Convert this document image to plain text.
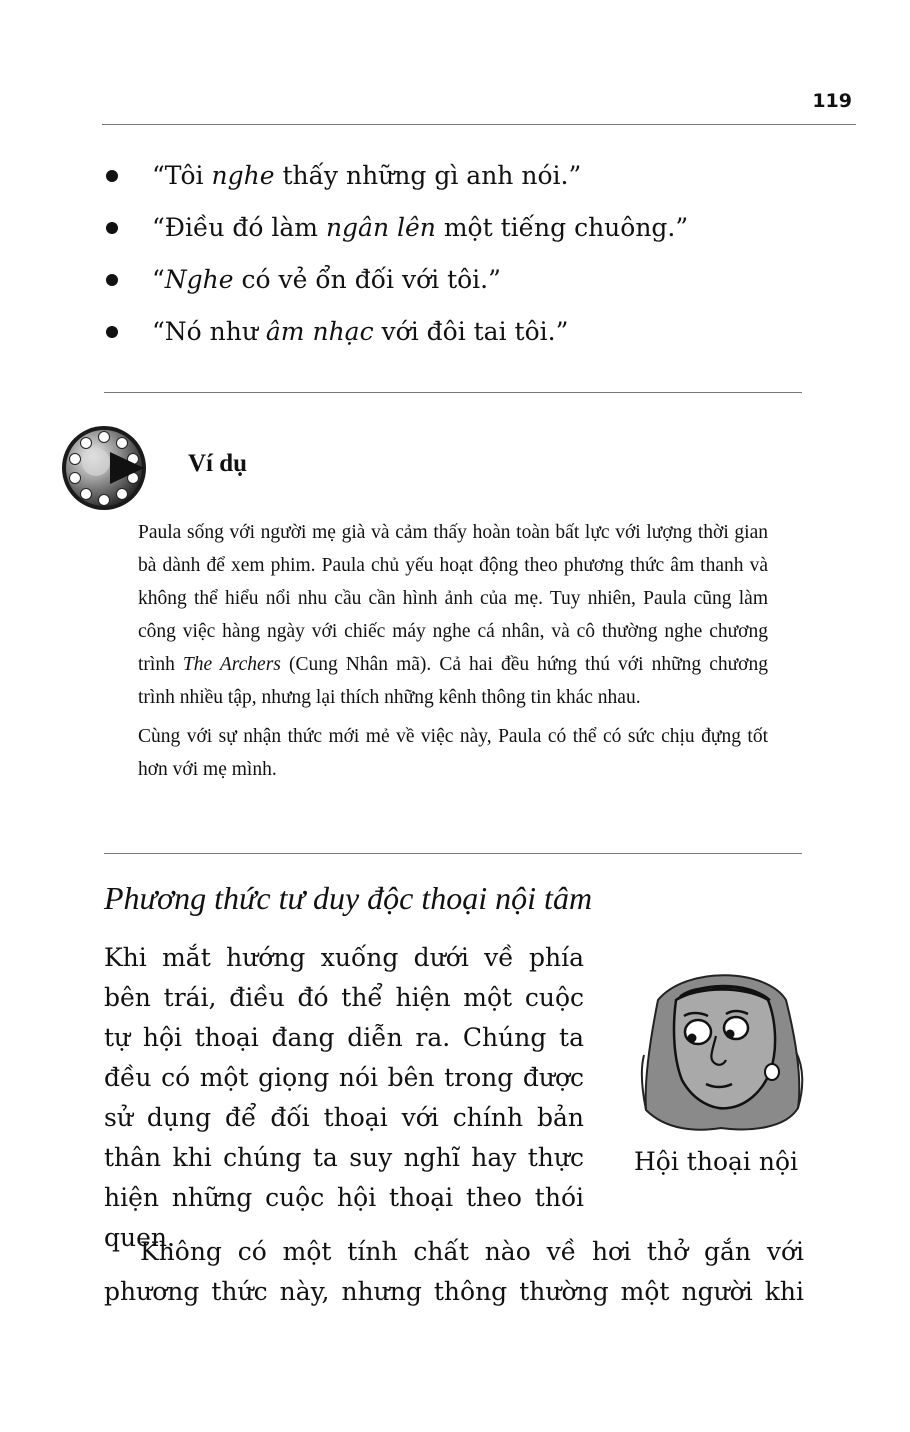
119
“Tôi nghe thấy những gì anh nói.”
“Điều đó làm ngân lên một tiếng chuông.”
“Nghe có vẻ ổn đối với tôi.”
“Nó như âm nhạc với đôi tai tôi.”
Ví dụ

Paula sống với người mẹ già và cảm thấy hoàn toàn bất lực với lượng thời gian bà dành để xem phim. Paula chủ yếu hoạt động theo phương thức âm thanh và không thể hiểu nổi nhu cầu cần hình ảnh của mẹ. Tuy nhiên, Paula cũng làm công việc hàng ngày với chiếc máy nghe cá nhân, và cô thường nghe chương trình The Archers (Cung Nhân mã). Cả hai đều hứng thú với những chương trình nhiều tập, nhưng lại thích những kênh thông tin khác nhau.

Cùng với sự nhận thức mới mẻ về việc này, Paula có thể có sức chịu đựng tốt hơn với mẹ mình.

Phương thức tư duy độc thoại nội tâm

Khi mắt hướng xuống dưới về phía bên trái, điều đó thể hiện một cuộc tự hội thoại đang diễn ra. Chúng ta đều có một giọng nói bên trong được sử dụng để đối thoại với chính bản thân khi chúng ta suy nghĩ hay thực hiện những cuộc hội thoại theo thói quen.

Hội thoại nội

Không có một tính chất nào về hơi thở gắn với phương thức này, nhưng thông thường một người khi
